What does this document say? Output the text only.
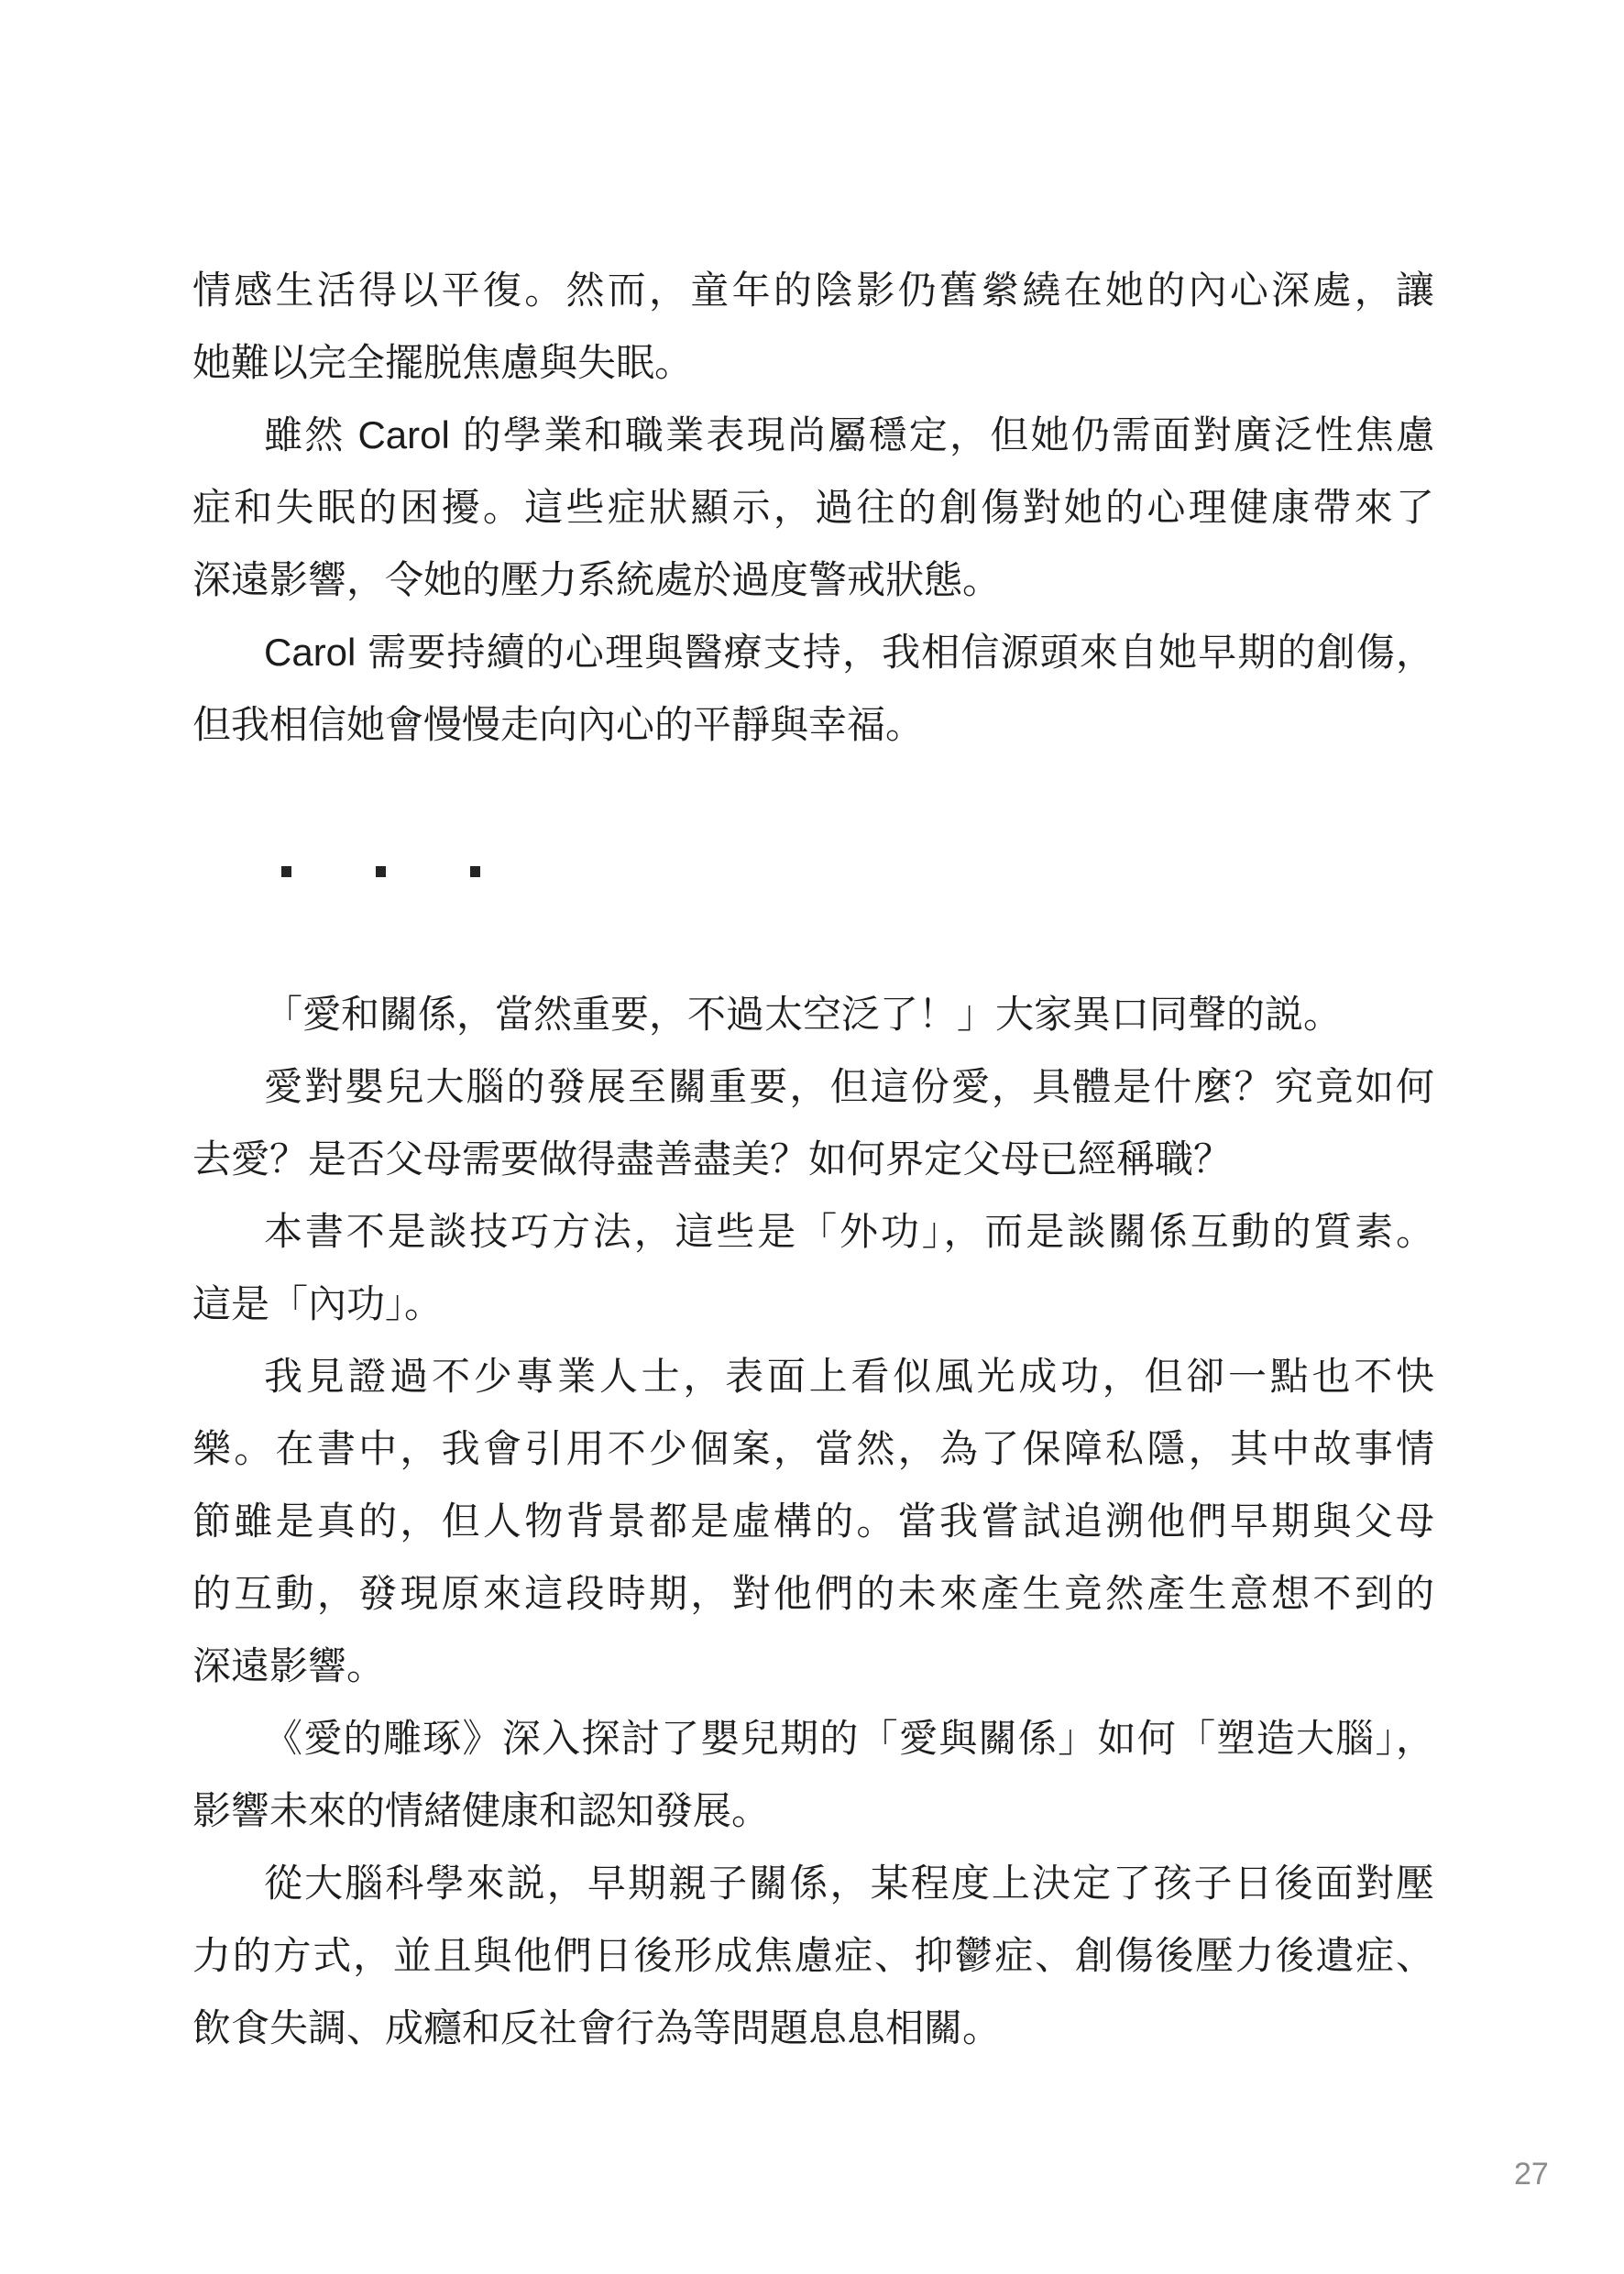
情感生活得以平復。然而，童年的陰影仍舊縈繞在她的內心深處，讓
她難以完全擺脱焦慮與失眠。
雖然 Carol 的學業和職業表現尚屬穩定，但她仍需面對廣泛性焦慮
症和失眠的困擾。這些症狀顯示，過往的創傷對她的心理健康帶來了
深遠影響，令她的壓力系統處於過度警戒狀態。
Carol 需要持續的心理與醫療支持，我相信源頭來自她早期的創傷，
但我相信她會慢慢走向內心的平靜與幸福。
「愛和關係，當然重要，不過太空泛了！」大家異口同聲的説。
愛對嬰兒大腦的發展至關重要，但這份愛，具體是什麼？究竟如何
去愛？是否父母需要做得盡善盡美？如何界定父母已經稱職？
本書不是談技巧方法，這些是「外功」，而是談關係互動的質素。
這是「內功」。
我見證過不少專業人士，表面上看似風光成功，但卻一點也不快
樂。在書中，我會引用不少個案，當然，為了保障私隱，其中故事情
節雖是真的，但人物背景都是虛構的。當我嘗試追溯他們早期與父母
的互動，發現原來這段時期，對他們的未來產生竟然產生意想不到的
深遠影響。
《愛的雕琢》深入探討了嬰兒期的「愛與關係」如何「塑造大腦」，
影響未來的情緒健康和認知發展。
從大腦科學來説，早期親子關係，某程度上決定了孩子日後面對壓
力的方式，並且與他們日後形成焦慮症、抑鬱症、創傷後壓力後遺症、
飲食失調、成癮和反社會行為等問題息息相關。
27
